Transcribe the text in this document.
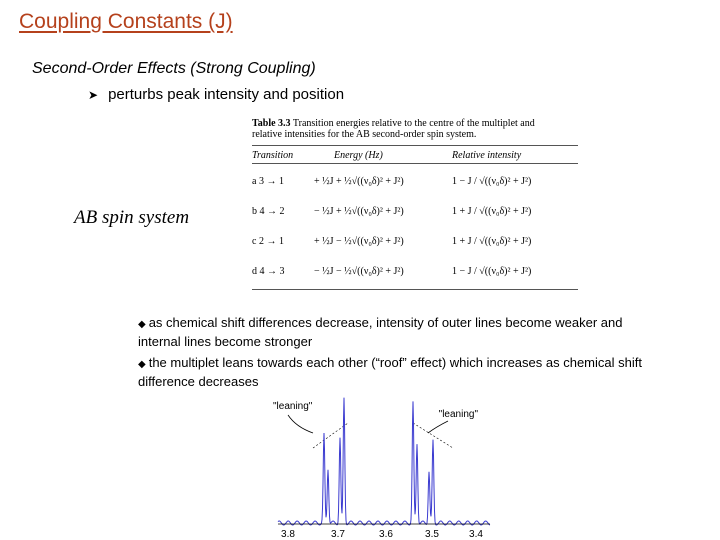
Coupling Constants (J)
Second-Order Effects (Strong Coupling)
➤ perturbs peak intensity and position
AB spin system
Table 3.3 Transition energies relative to the centre of the multiplet and
relative intensities for the AB second-order spin system.
Transition	Energy (Hz)	Relative intensity
a 3 → 1	+ ½J + ½√((ν₀δ)² + J²)	1 − J / √((ν₀δ)² + J²)
b 4 → 2	− ½J + ½√((ν₀δ)² + J²)	1 + J / √((ν₀δ)² + J²)
c 2 → 1	+ ½J − ½√((ν₀δ)² + J²)	1 + J / √((ν₀δ)² + J²)
d 4 → 3	− ½J − ½√((ν₀δ)² + J²)	1 − J / √((ν₀δ)² + J²)
◆ as chemical shift differences decrease, intensity of outer lines become weaker and internal lines become stronger
◆ the multiplet leans towards each other (“roof” effect) which increases as chemical shift difference decreases
"leaning"
"leaning"
3.8	3.7	3.6	3.5	3.4
